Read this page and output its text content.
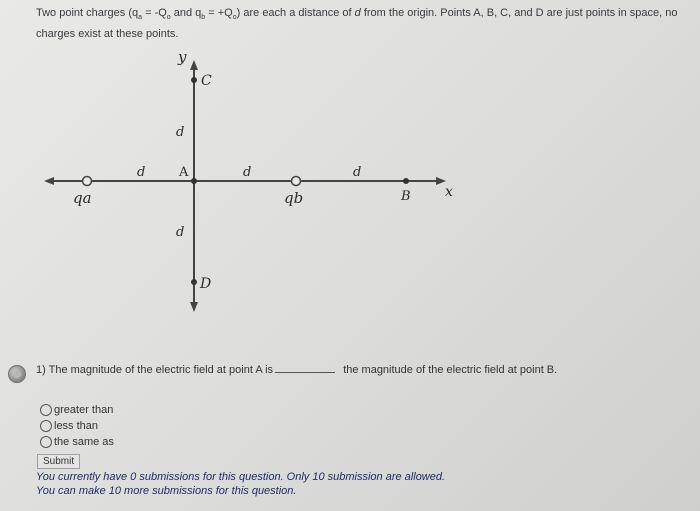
Two point charges ($q_a = -Q_o$ and $q_b = +Q_o$) are each a distance of d from the origin. Points A, B, C, and D are just points in space, no charges exist at these points.
y
x
C
A
B
D
qa	qb
d
d
d	d	d
1) The magnitude of the electric field at point A is	the magnitude of the electric field at point B.
greater than
less than
the same as
Submit
You currently have 0 submissions for this question. Only 10 submission are allowed.
You can make 10 more submissions for this question.
